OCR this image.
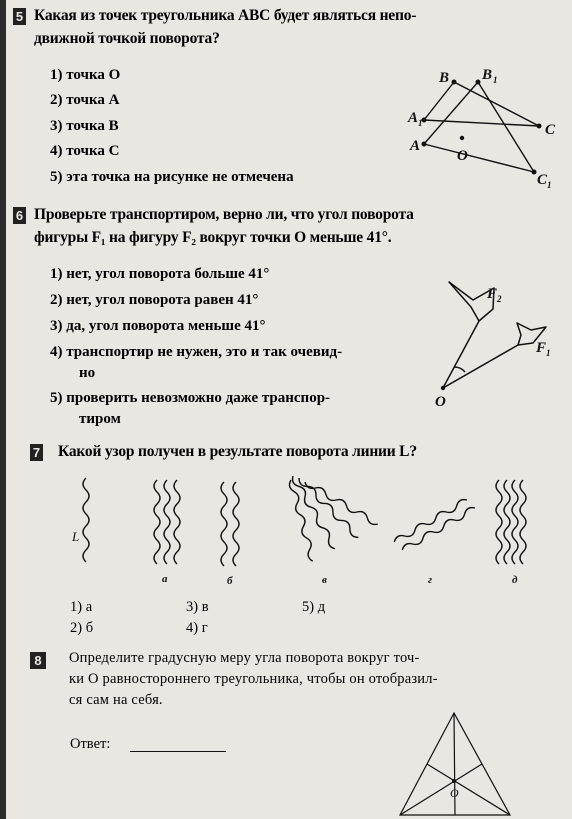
5 Какая из точек треугольника ABC будет являться непо-
движной точкой поворота?
1) точка O
2) точка A
3) точка B
4) точка C
5) эта точка на рисунке не отмечена
B B 1
A 1	C
A
O
C 1
6 Проверьте транспортиром, верно ли, что угол поворота
фигуры F₁ на фигуру F₂ вокруг точки O меньше 41°.
1) нет, угол поворота больше 41°
2) нет, угол поворота равен 41°
3) да, угол поворота меньше 41°
4) транспортир не нужен, это и так очевид-
но
5) проверить невозможно даже транспор-
тиром
F 2
F 1
O
7 Какой узор получен в результате поворота линии L?
L
а	б	в	г	д
1) а
2) б
3) в
4) г
5) д
8	Определите градусную меру угла поворота вокруг точ-
ки O равностороннего треугольника, чтобы он отобразил-
ся сам на себя.
Ответ:
O
